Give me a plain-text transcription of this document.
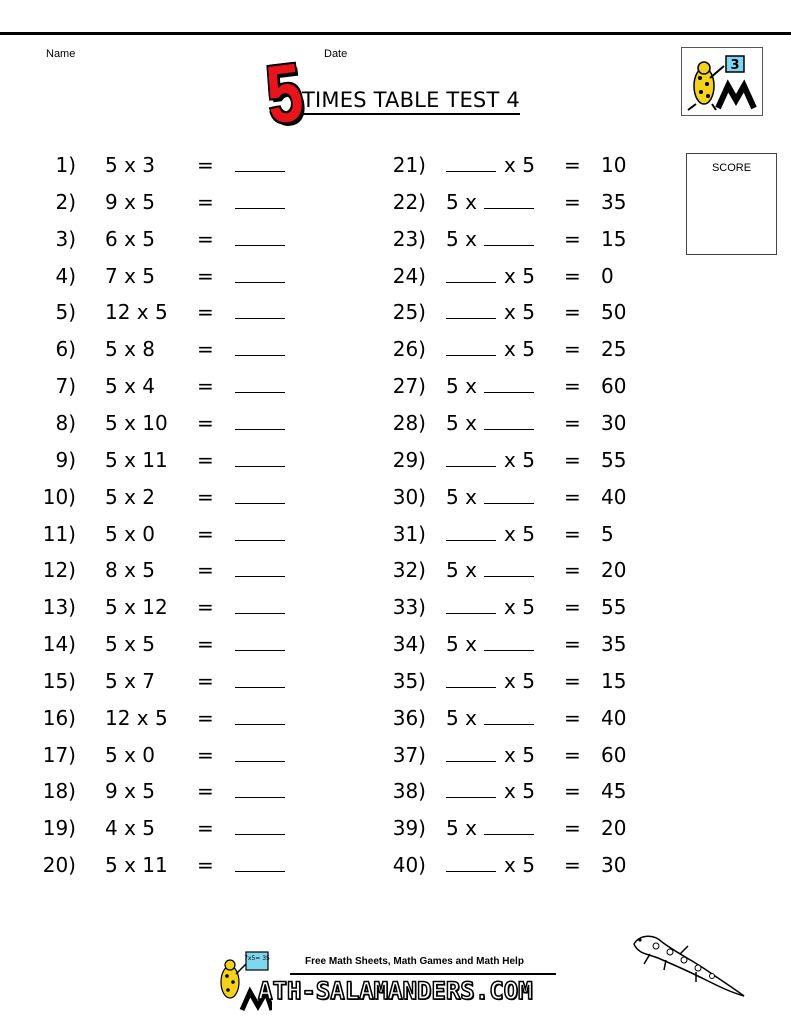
Name	Date
5
TIMES TABLE TEST 4
3
SCORE
1) 5 x 3 =
2) 9 x 5 =
3) 6 x 5 =
4) 7 x 5 =
5) 12 x 5 =
6) 5 x 8 =
7) 5 x 4 =
8) 5 x 10 =
9) 5 x 11 =
10) 5 x 2 =
11) 5 x 0 =
12) 8 x 5 =
13) 5 x 12 =
14) 5 x 5 =
15) 5 x 7 =
16) 12 x 5 =
17) 5 x 0 =
18) 9 x 5 =
19) 4 x 5 =
20) 5 x 11 =
21)	x 5 = 10
22) 5 x	= 35
23) 5 x	= 15
24)	x 5 = 0
25)	x 5 = 50
26)	x 5 = 25
27) 5 x	= 60
28) 5 x	= 30
29)	x 5 = 55
30) 5 x	= 40
31)	x 5 = 5
32) 5 x	= 20
33)	x 5 = 55
34) 5 x	= 35
35)	x 5 = 15
36) 5 x	= 40
37)	x 5 = 60
38)	x 5 = 45
39) 5 x	= 20
40)	x 5 = 30
Free Math Sheets, Math Games and Math Help
7x5= 35
ATH-SALAMANDERS.COM
